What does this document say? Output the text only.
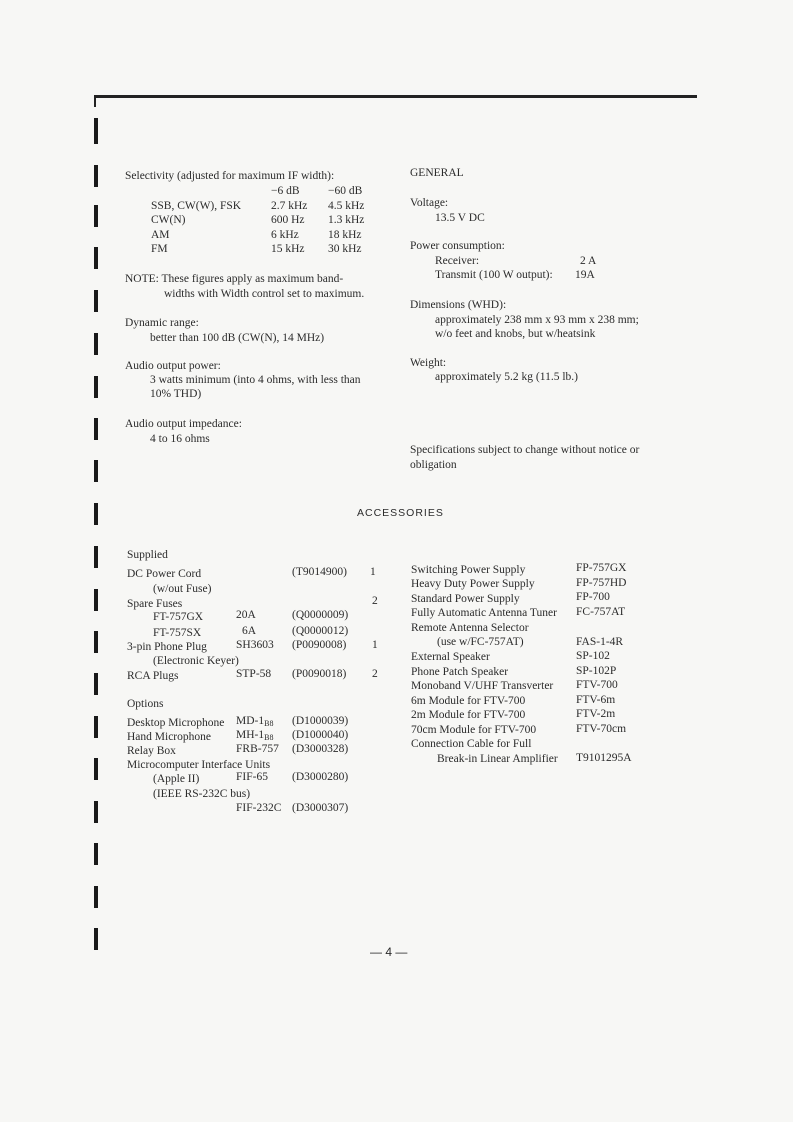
Selectivity (adjusted for maximum IF width):
−6 dB −60 dB
SSB, CW(W), FSK	2.7 kHz 4.5 kHz
CW(N)	600 Hz 1.3 kHz
AM	6 kHz	18 kHz
FM	15 kHz 30 kHz
NOTE: These figures apply as maximum band-
widths with Width control set to maximum.
Dynamic range:
better than 100 dB (CW(N), 14 MHz)
Audio output power:
3 watts minimum (into 4 ohms, with less than
10% THD)
Audio output impedance:
4 to 16 ohms
GENERAL
Voltage:
13.5 V DC
Power consumption:
Receiver:	2 A
Transmit (100 W output): 19A
Dimensions (WHD):
approximately 238 mm x 93 mm x 238 mm;
w/o feet and knobs, but w/heatsink
Weight:
approximately 5.2 kg (11.5 lb.)
Specifications subject to change without notice or
obligation
ACCESSORIES
Supplied
DC Power Cord	(T9014900) 1
(w/out Fuse)
Spare Fuses	2
FT-757GX	20A	(Q0000009)
FT-757SX	6A	(Q0000012)
3-pin Phone Plug	SH3603 (P0090008) 1
(Electronic Keyer)
RCA Plugs	STP-58 (P0090018) 2
Options
Desktop Microphone $MD-1_{B8}$ (D1000039)
Hand Microphone $MH-1_{B8}$ (D1000040)
Relay Box	FRB-757 (D3000328)
Microcomputer Interface Units
(Apple II)	FIF-65 (D3000280)
(IEEE RS-232C bus)
FIF-232C (D3000307)
Switching Power Supply	FP-757GX
Heavy Duty Power Supply	FP-757HD
Standard Power Supply	FP-700
Fully Automatic Antenna Tuner FC-757AT
Remote Antenna Selector
(use w/FC-757AT)	FAS-1-4R
External Speaker	SP-102
Phone Patch Speaker	SP-102P
Monoband V/UHF Transverter FTV-700
6m Module for FTV-700	FTV-6m
2m Module for FTV-700	FTV-2m
70cm Module for FTV-700	FTV-70cm
Connection Cable for Full
Break-in Linear Amplifier T9101295A
— 4 —
